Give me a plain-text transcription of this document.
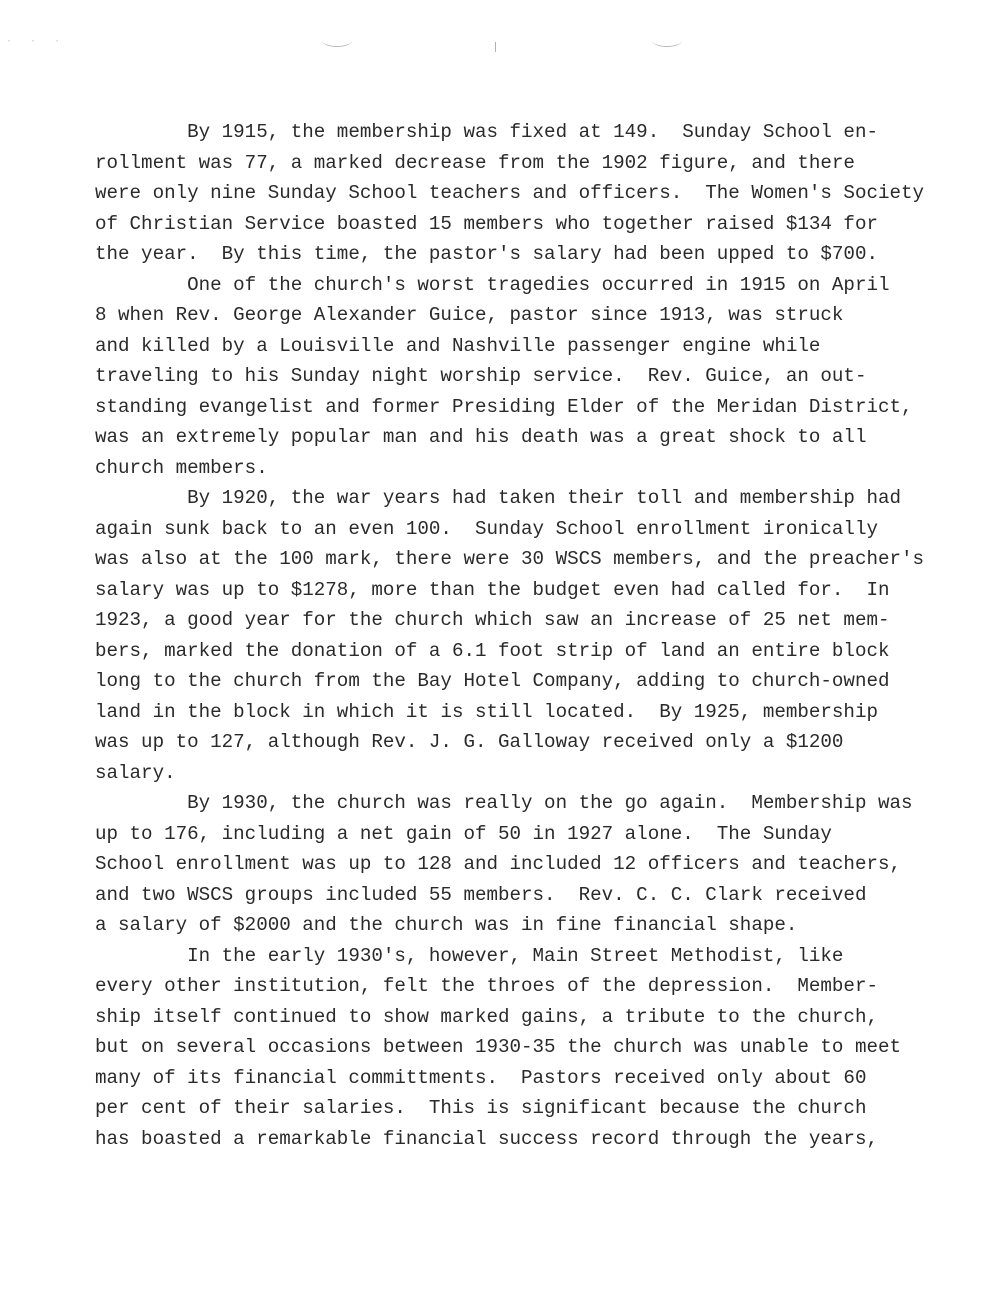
· · ·
By 1915, the membership was fixed at 149.  Sunday School en-
rollment was 77, a marked decrease from the 1902 figure, and there
were only nine Sunday School teachers and officers.  The Women's Society
of Christian Service boasted 15 members who together raised $134 for
the year.  By this time, the pastor's salary had been upped to $700.
One of the church's worst tragedies occurred in 1915 on April
8 when Rev. George Alexander Guice, pastor since 1913, was struck
and killed by a Louisville and Nashville passenger engine while
traveling to his Sunday night worship service.  Rev. Guice, an out-
standing evangelist and former Presiding Elder of the Meridan District,
was an extremely popular man and his death was a great shock to all
church members.
By 1920, the war years had taken their toll and membership had
again sunk back to an even 100.  Sunday School enrollment ironically
was also at the 100 mark, there were 30 WSCS members, and the preacher's
salary was up to $1278, more than the budget even had called for.  In
1923, a good year for the church which saw an increase of 25 net mem-
bers, marked the donation of a 6.1 foot strip of land an entire block
long to the church from the Bay Hotel Company, adding to church-owned
land in the block in which it is still located.  By 1925, membership
was up to 127, although Rev. J. G. Galloway received only a $1200
salary.
By 1930, the church was really on the go again.  Membership was
up to 176, including a net gain of 50 in 1927 alone.  The Sunday
School enrollment was up to 128 and included 12 officers and teachers,
and two WSCS groups included 55 members.  Rev. C. C. Clark received
a salary of $2000 and the church was in fine financial shape.
In the early 1930's, however, Main Street Methodist, like
every other institution, felt the throes of the depression.  Member-
ship itself continued to show marked gains, a tribute to the church,
but on several occasions between 1930-35 the church was unable to meet
many of its financial committments.  Pastors received only about 60
per cent of their salaries.  This is significant because the church
has boasted a remarkable financial success record through the years,
